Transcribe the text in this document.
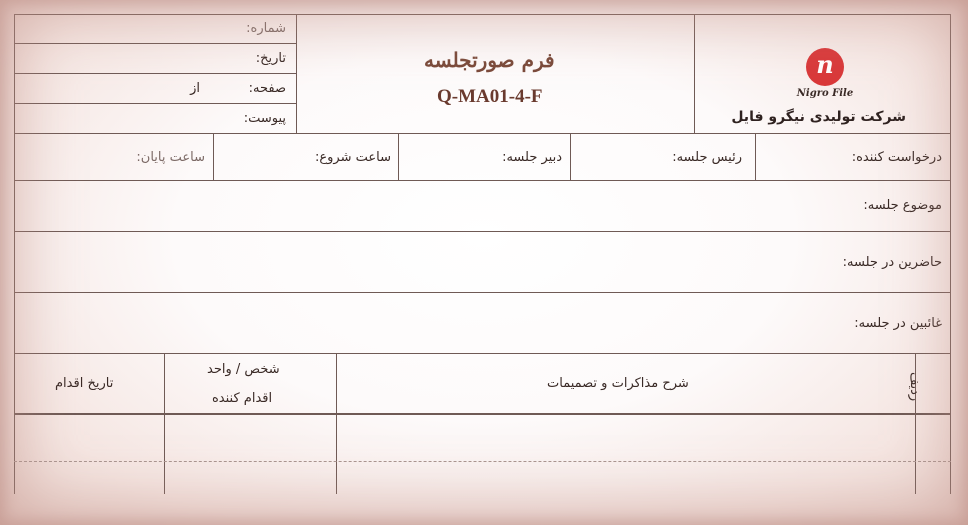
شماره:
تاریخ:
صفحه:
از
پیوست:
فرم صورتجلسه
Q-MA01-4-F
n
Nigro File
شرکت تولیدی نیگرو فایل
درخواست کننده:
رئیس جلسه:
دبیر جلسه:
ساعت شروع:
ساعت پایان:
موضوع جلسه:
حاضرین در جلسه:
غائبین در جلسه:
ردیف
شرح مذاکرات و تصمیمات
شخص / واحد
اقدام کننده
تاریخ اقدام
